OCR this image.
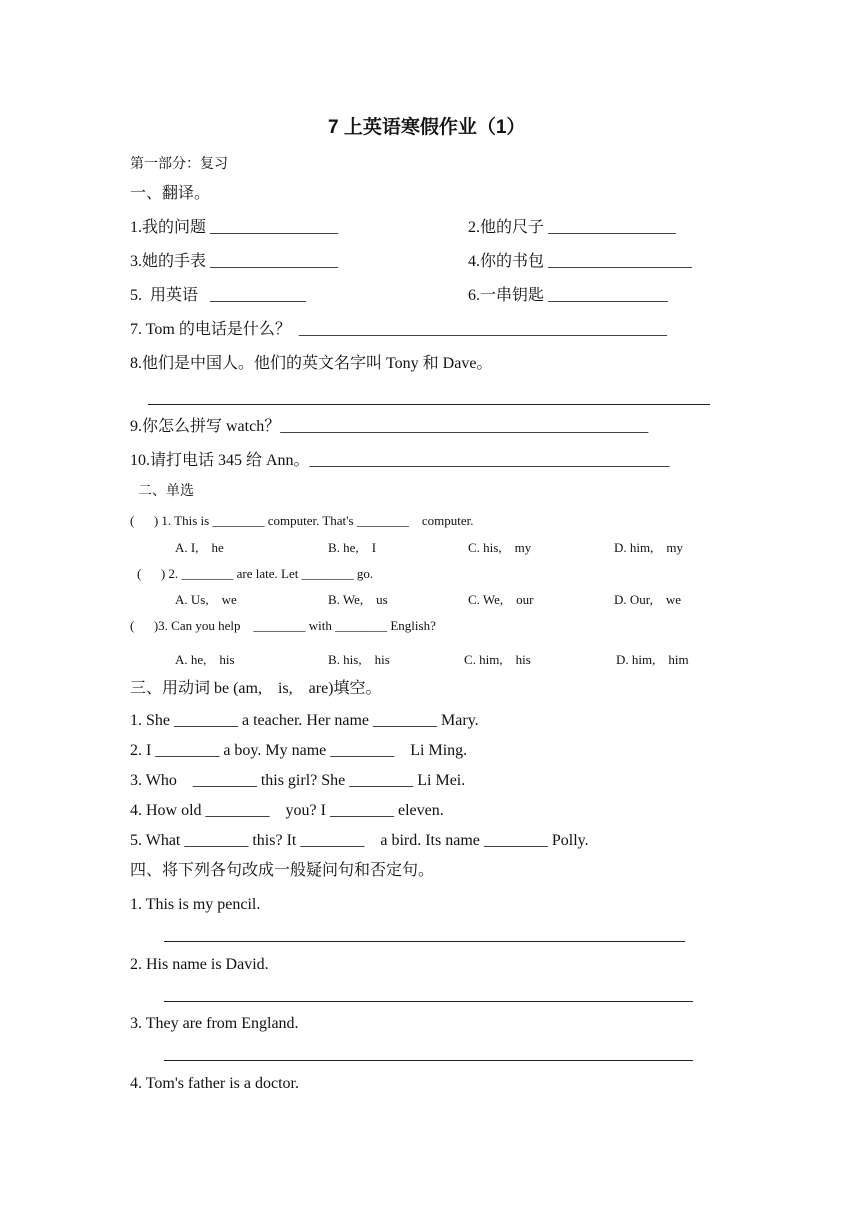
7 上英语寒假作业（1）
第一部分：复习
一、翻译。
1.我的问题 ________________	2.他的尺子 ________________
3.她的手表 ________________	4.你的书包 __________________
5.  用英语   ____________	6.一串钥匙 _______________
7. Tom 的电话是什么？  ______________________________________________
8.他们是中国人。他们的英文名字叫 Tony 和 Dave。
9.你怎么拼写 watch？______________________________________________
10.请打电话 345 给 Ann。_____________________________________________
二、单选
(      ) 1. This is ________ computer. That's ________    computer.
A. I,    he	B. he,    I	C. his,    my	D. him,    my
(      ) 2. ________ are late. Let ________ go.
A. Us,    we	B. We,    us	C. We,    our	D. Our,    we
(      )3. Can you help    ________ with ________ English?
A. he,    his	B. his,    his	C. him,    his	D. him,    him
三、用动词 be (am,    is,    are)填空。
1. She ________ a teacher. Her name ________ Mary.
2. I ________ a boy. My name ________    Li Ming.
3. Who    ________ this girl? She ________ Li Mei.
4. How old ________    you? I ________ eleven.
5. What ________ this? It ________    a bird. Its name ________ Polly.
四、将下列各句改成一般疑问句和否定句。
1. This is my pencil.
2. His name is David.
3. They are from England.
4. Tom's father is a doctor.
